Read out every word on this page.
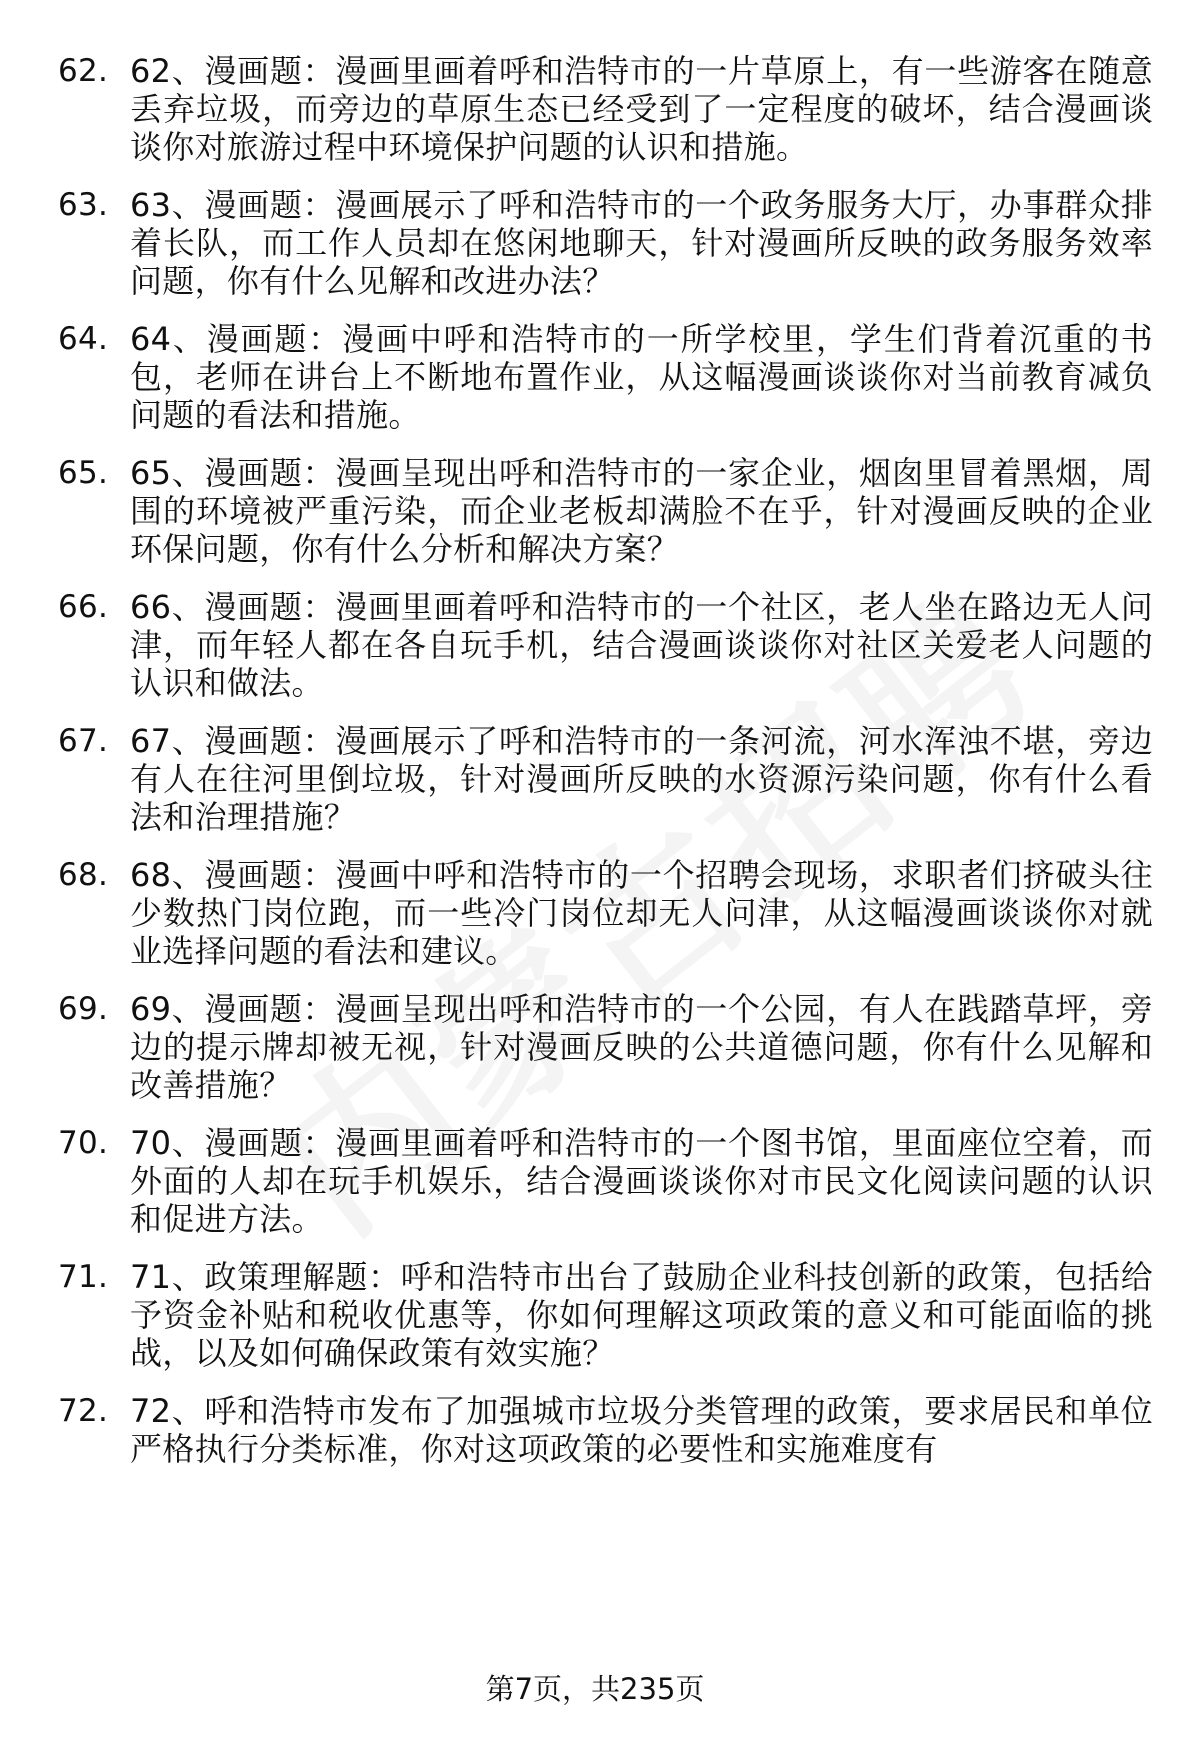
62. 62、漫画题：漫画里画着呼和浩特市的一片草原上，有一些游客在随意丢弃垃圾，而旁边的草原生态已经受到了一定程度的破坏，结合漫画谈谈你对旅游过程中环境保护问题的认识和措施。
63. 63、漫画题：漫画展示了呼和浩特市的一个政务服务大厅，办事群众排着长队，而工作人员却在悠闲地聊天，针对漫画所反映的政务服务效率问题，你有什么见解和改进办法？
64. 64、漫画题：漫画中呼和浩特市的一所学校里，学生们背着沉重的书包，老师在讲台上不断地布置作业，从这幅漫画谈谈你对当前教育减负问题的看法和措施。
65. 65、漫画题：漫画呈现出呼和浩特市的一家企业，烟囱里冒着黑烟，周围的环境被严重污染，而企业老板却满脸不在乎，针对漫画反映的企业环保问题，你有什么分析和解决方案？
66. 66、漫画题：漫画里画着呼和浩特市的一个社区，老人坐在路边无人问津，而年轻人都在各自玩手机，结合漫画谈谈你对社区关爱老人问题的认识和做法。
67. 67、漫画题：漫画展示了呼和浩特市的一条河流，河水浑浊不堪，旁边有人在往河里倒垃圾，针对漫画所反映的水资源污染问题，你有什么看法和治理措施？
68. 68、漫画题：漫画中呼和浩特市的一个招聘会现场，求职者们挤破头往少数热门岗位跑，而一些冷门岗位却无人问津，从这幅漫画谈谈你对就业选择问题的看法和建议。
69. 69、漫画题：漫画呈现出呼和浩特市的一个公园，有人在践踏草坪，旁边的提示牌却被无视，针对漫画反映的公共道德问题，你有什么见解和改善措施？
70. 70、漫画题：漫画里画着呼和浩特市的一个图书馆，里面座位空着，而外面的人却在玩手机娱乐，结合漫画谈谈你对市民文化阅读问题的认识和促进方法。
71. 71、政策理解题：呼和浩特市出台了鼓励企业科技创新的政策，包括给予资金补贴和税收优惠等，你如何理解这项政策的意义和可能面临的挑战，以及如何确保政策有效实施？
72. 72、呼和浩特市发布了加强城市垃圾分类管理的政策，要求居民和单位严格执行分类标准，你对这项政策的必要性和实施难度有
第7页，共235页
